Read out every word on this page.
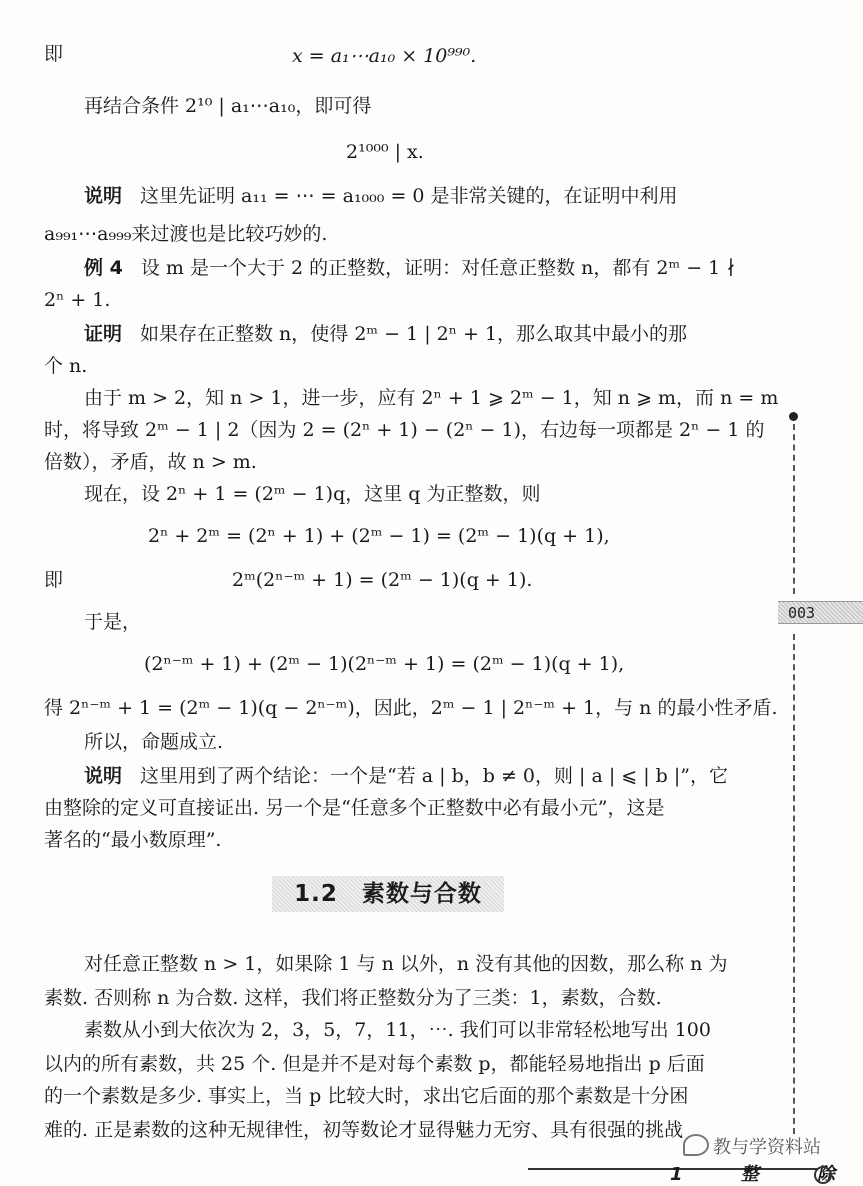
即	x = a₁⋯a₁₀ × 10⁹⁹⁰.
再结合条件 2¹⁰ | a₁⋯a₁₀，即可得
2¹⁰⁰⁰ | x.
说明 这里先证明 a₁₁ = ⋯ = a₁₀₀₀ = 0 是非常关键的，在证明中利用
a₉₉₁⋯a₉₉₉来过渡也是比较巧妙的.
例 4 设 m 是一个大于 2 的正整数，证明：对任意正整数 n，都有 2ᵐ − 1 ∤
2ⁿ + 1.
证明 如果存在正整数 n，使得 2ᵐ − 1 | 2ⁿ + 1，那么取其中最小的那
个 n.
由于 m > 2，知 n > 1，进一步，应有 2ⁿ + 1 ⩾ 2ᵐ − 1，知 n ⩾ m，而 n = m
时，将导致 2ᵐ − 1 | 2（因为 2 = (2ⁿ + 1) − (2ⁿ − 1)，右边每一项都是 2ⁿ − 1 的
倍数），矛盾，故 n > m.
现在，设 2ⁿ + 1 = (2ᵐ − 1)q，这里 q 为正整数，则
2ⁿ + 2ᵐ = (2ⁿ + 1) + (2ᵐ − 1) = (2ᵐ − 1)(q + 1),
即	2ᵐ(2ⁿ⁻ᵐ + 1) = (2ᵐ − 1)(q + 1).
于是，
(2ⁿ⁻ᵐ + 1) + (2ᵐ − 1)(2ⁿ⁻ᵐ + 1) = (2ᵐ − 1)(q + 1),
得 2ⁿ⁻ᵐ + 1 = (2ᵐ − 1)(q − 2ⁿ⁻ᵐ)，因此，2ᵐ − 1 | 2ⁿ⁻ᵐ + 1，与 n 的最小性矛盾.
所以，命题成立.
说明 这里用到了两个结论：一个是“若 a | b，b ≠ 0，则 | a | ⩽ | b |”，它
由整除的定义可直接证出. 另一个是“任意多个正整数中必有最小元”，这是
著名的“最小数原理”.
1.2　素数与合数
对任意正整数 n > 1，如果除 1 与 n 以外，n 没有其他的因数，那么称 n 为
素数. 否则称 n 为合数. 这样，我们将正整数分为了三类：1，素数，合数.
素数从小到大依次为 2，3，5，7，11，⋯. 我们可以非常轻松地写出 100
以内的所有素数，共 25 个. 但是并不是对每个素数 p，都能轻易地指出 p 后面
的一个素数是多少. 事实上，当 p 比较大时，求出它后面的那个素数是十分困
难的. 正是素数的这种无规律性，初等数论才显得魅力无穷、具有很强的挑战
003
教与学资料站
1 整 除
